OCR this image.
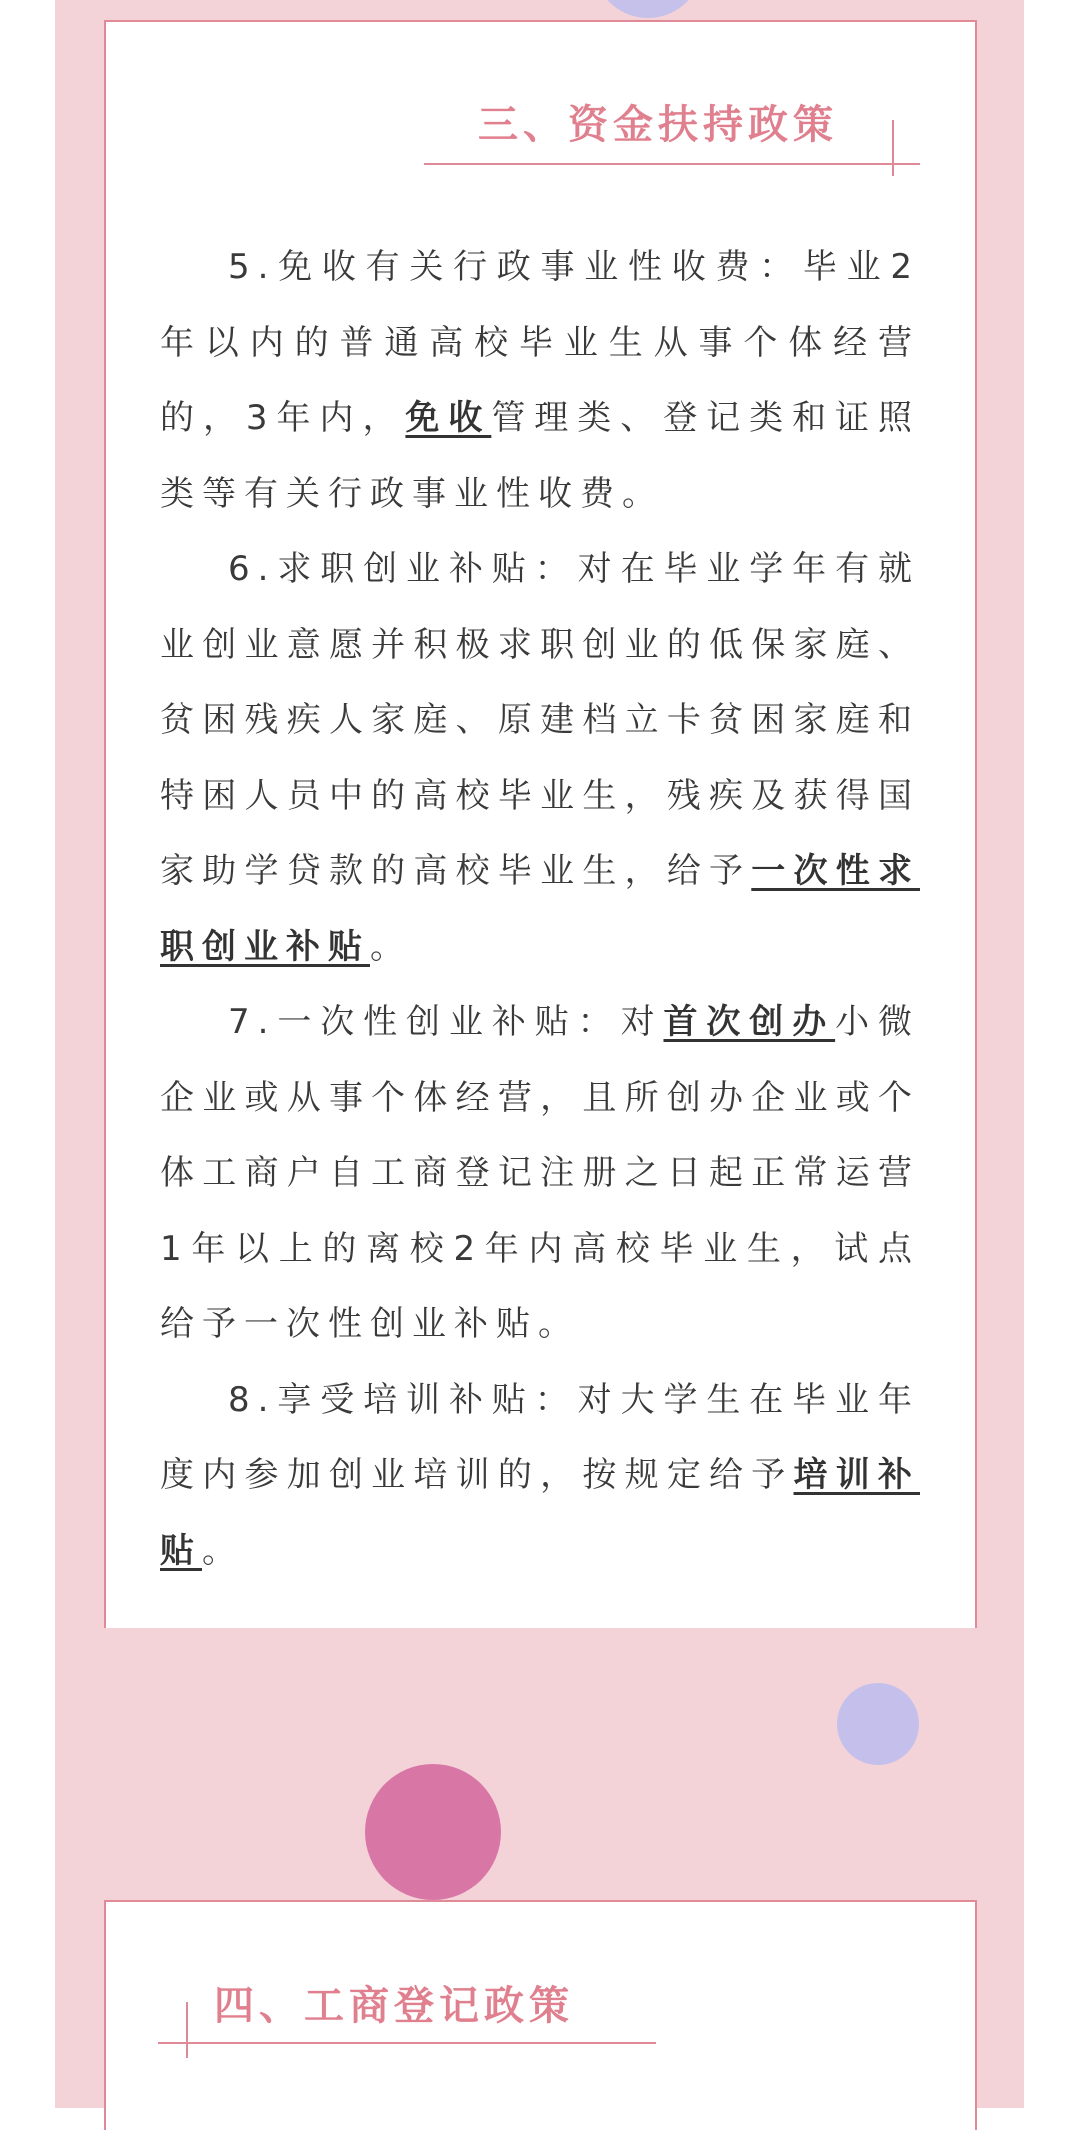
三、资金扶持政策

5.免收有关行政事业性收费：毕业2年以内的普通高校毕业生从事个体经营的，3年内，免收管理类、登记类和证照类等有关行政事业性收费。

6.求职创业补贴：对在毕业学年有就业创业意愿并积极求职创业的低保家庭、贫困残疾人家庭、原建档立卡贫困家庭和特困人员中的高校毕业生，残疾及获得国家助学贷款的高校毕业生，给予一次性求职创业补贴。

7.一次性创业补贴：对首次创办小微企业或从事个体经营，且所创办企业或个体工商户自工商登记注册之日起正常运营1年以上的离校2年内高校毕业生，试点给予一次性创业补贴。

8.享受培训补贴：对大学生在毕业年度内参加创业培训的，按规定给予培训补贴。

四、工商登记政策
